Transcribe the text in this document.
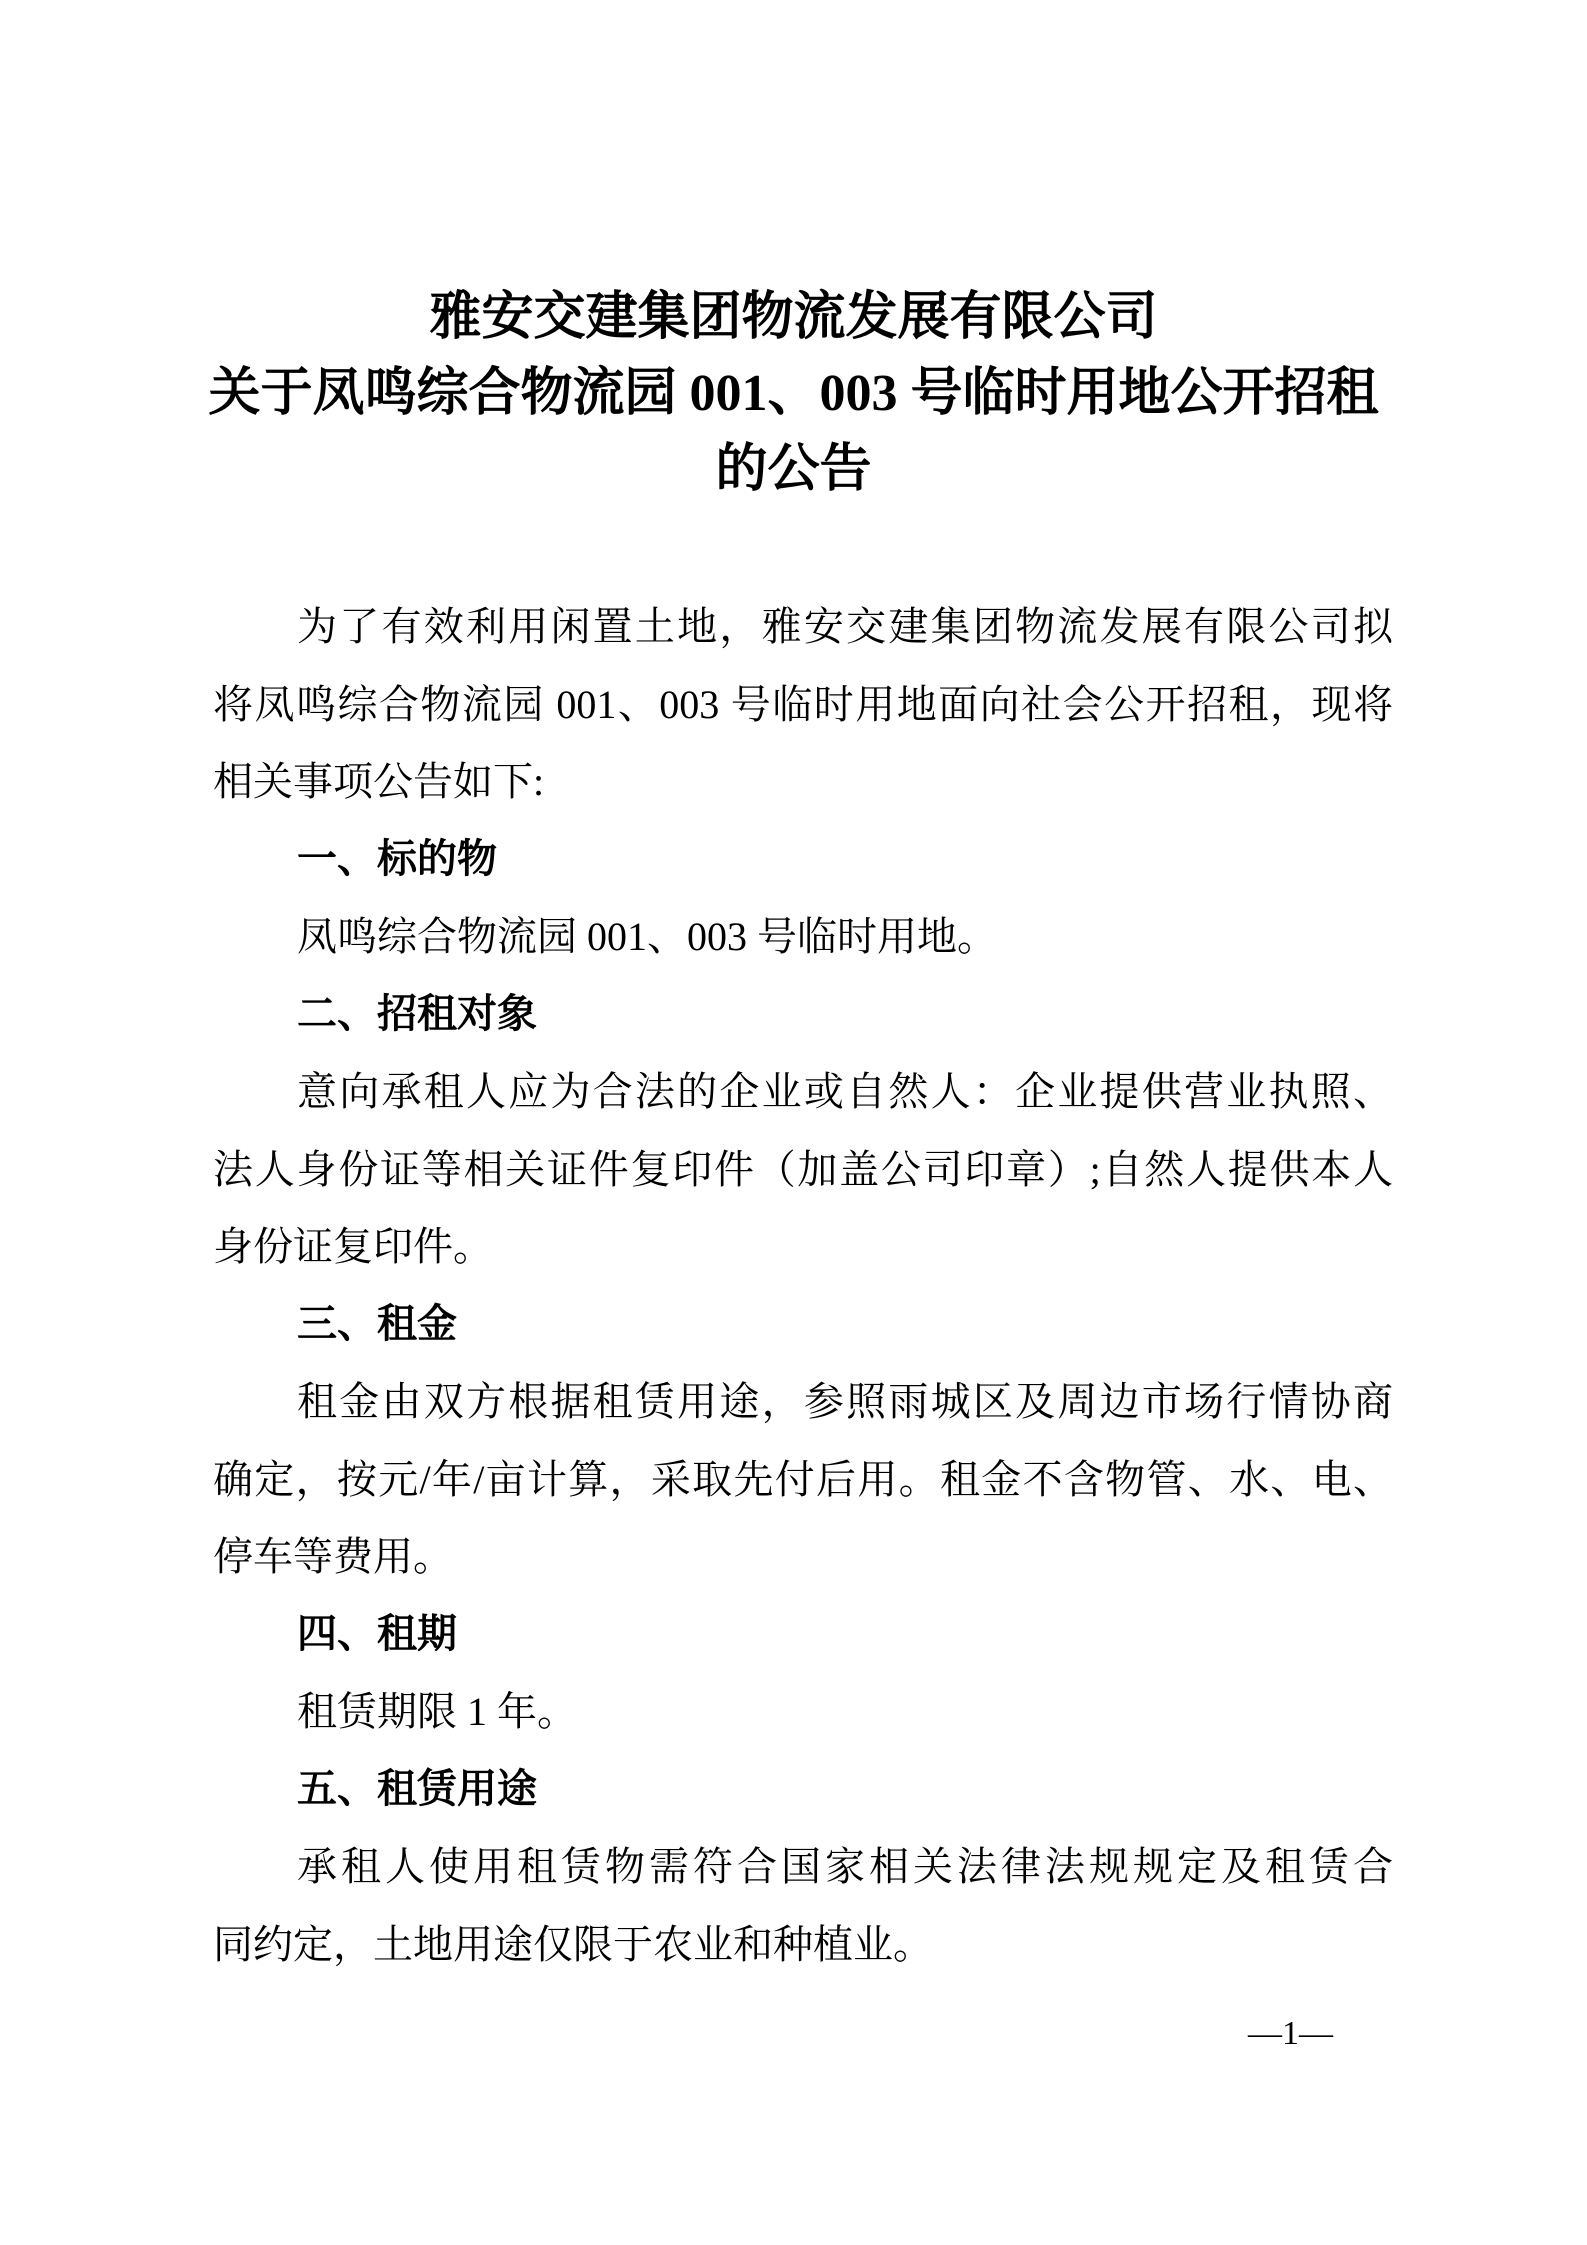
雅安交建集团物流发展有限公司
关于凤鸣综合物流园 001、003 号临时用地公开招租
的公告
为了有效利用闲置土地，雅安交建集团物流发展有限公司拟
将凤鸣综合物流园 001、003 号临时用地面向社会公开招租，现将
相关事项公告如下:
一、标的物
凤鸣综合物流园 001、003 号临时用地。
二、招租对象
意向承租人应为合法的企业或自然人：企业提供营业执照、
法人身份证等相关证件复印件（加盖公司印章）;自然人提供本人
身份证复印件。
三、租金
租金由双方根据租赁用途，参照雨城区及周边市场行情协商
确定，按元/年/亩计算，采取先付后用。租金不含物管、水、电、
停车等费用。
四、租期
租赁期限 1 年。
五、租赁用途
承租人使用租赁物需符合国家相关法律法规规定及租赁合
同约定，土地用途仅限于农业和种植业。
—1—
